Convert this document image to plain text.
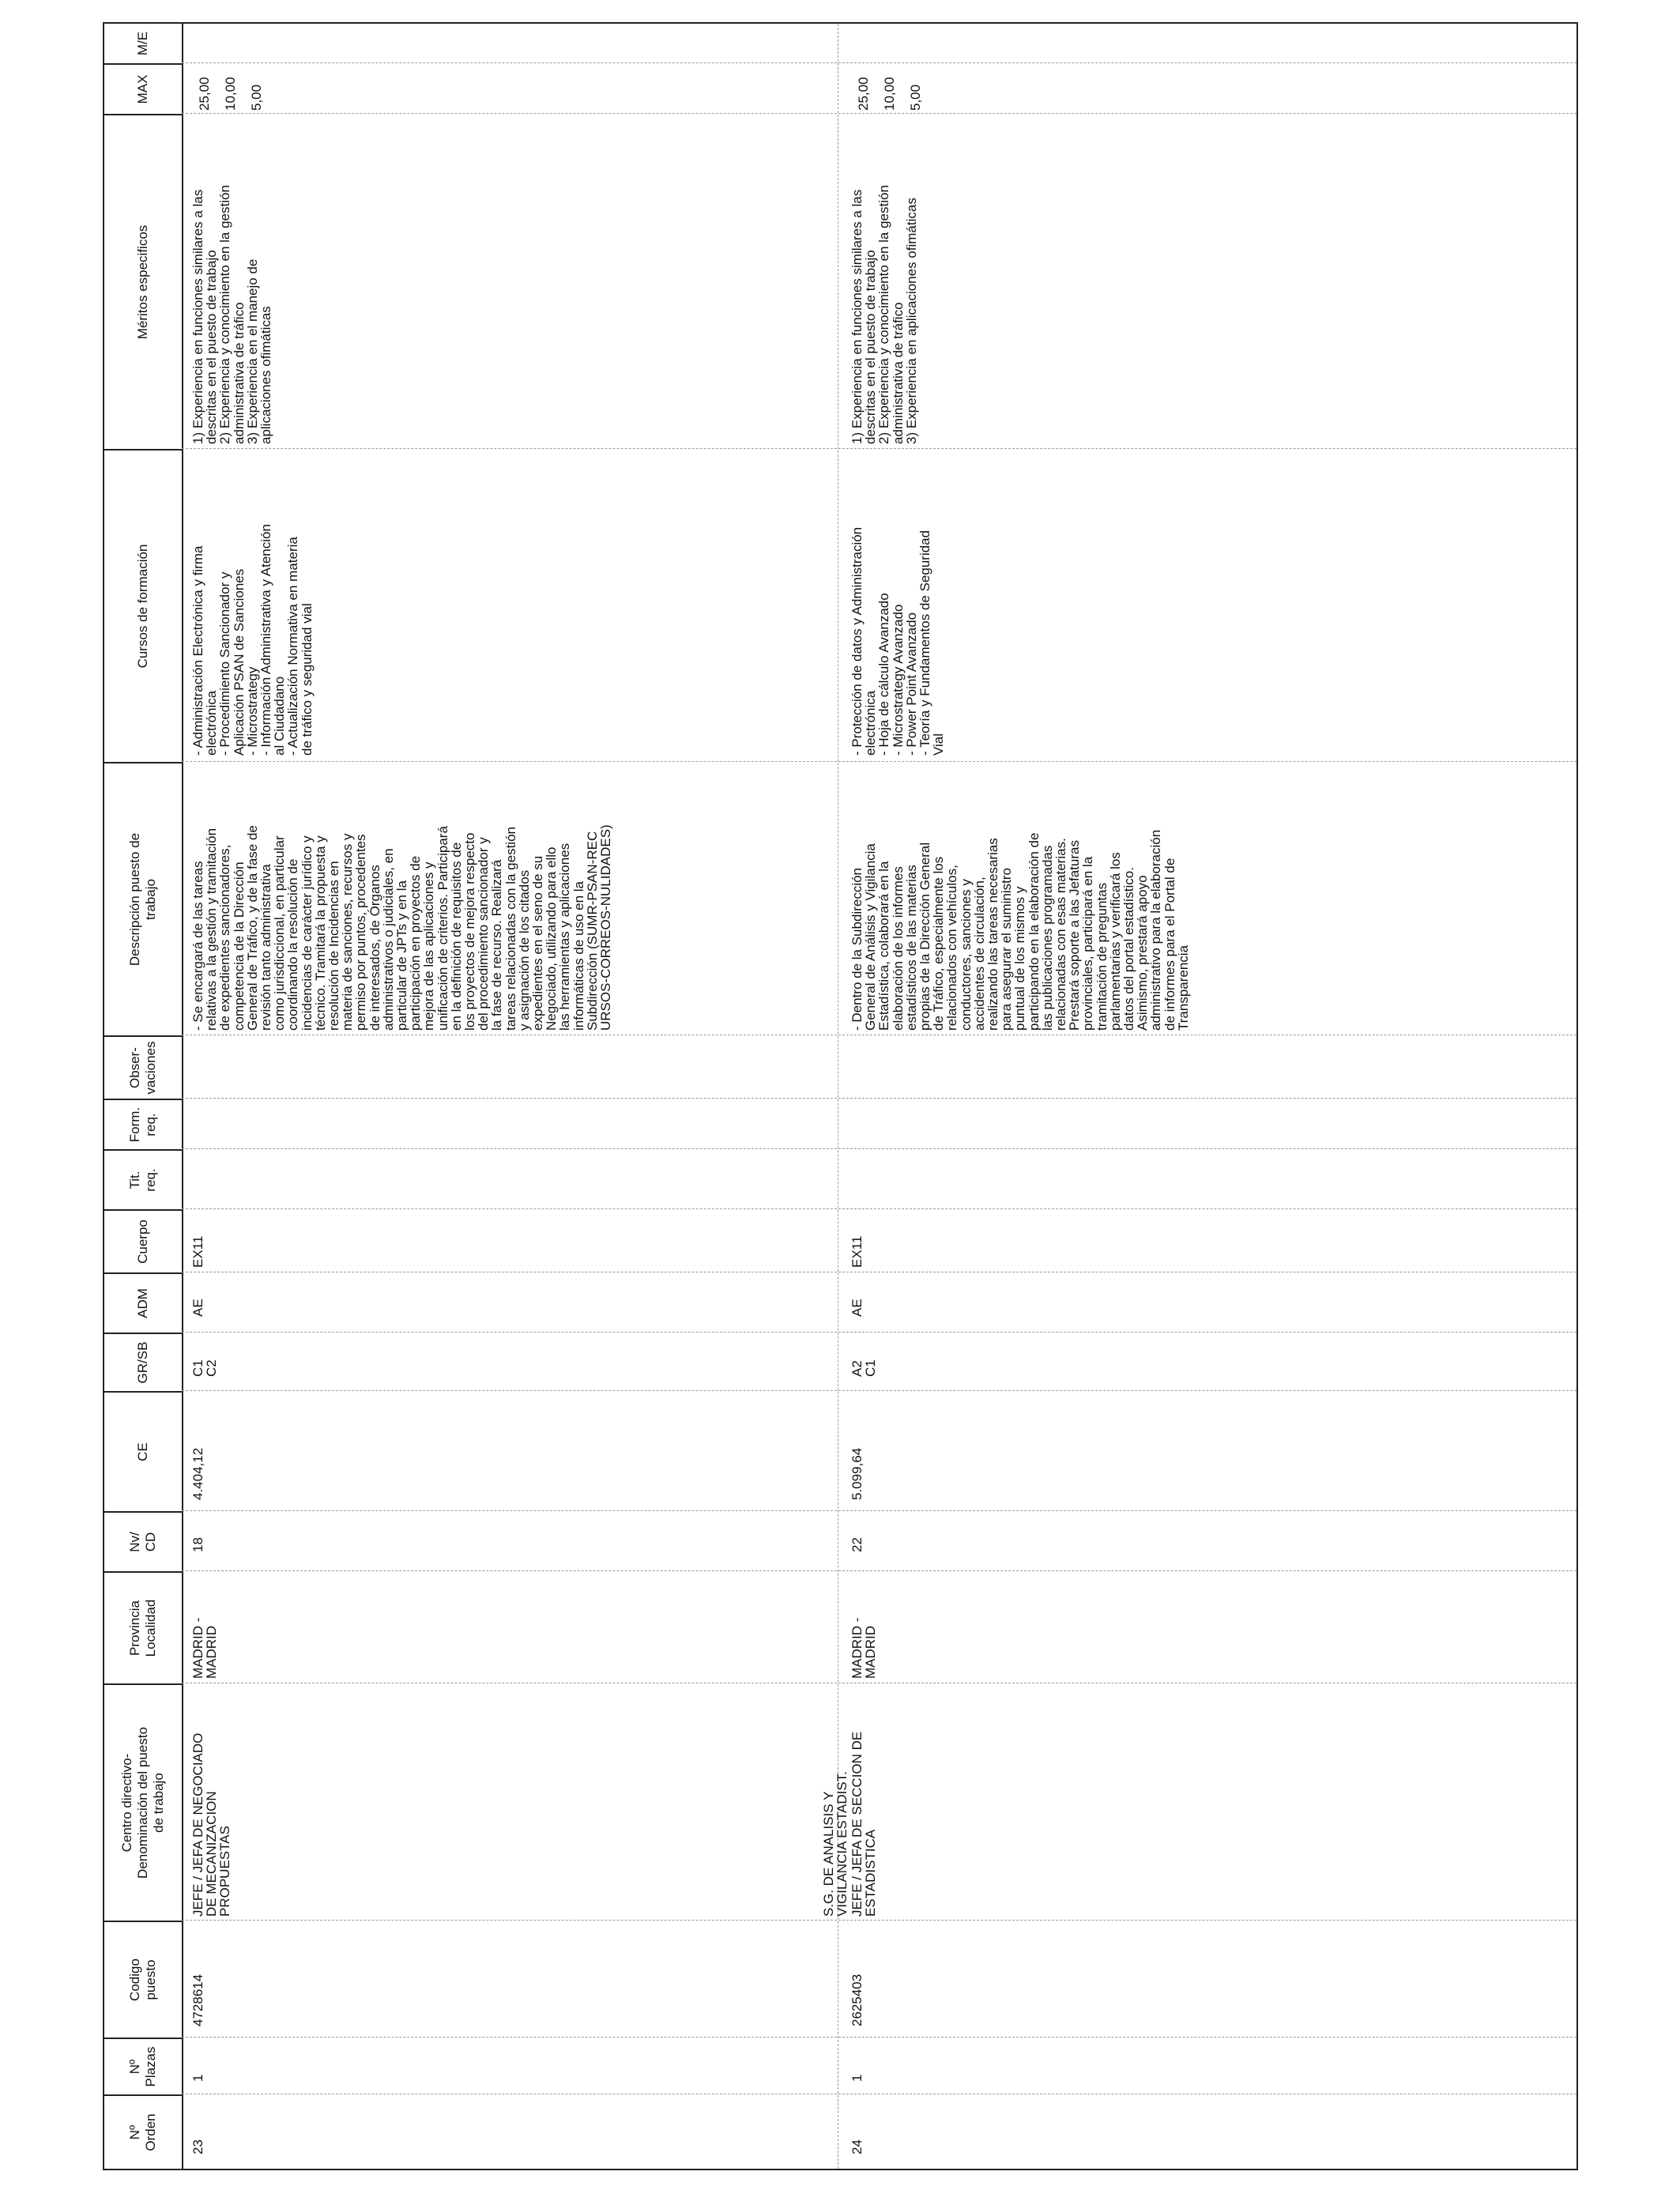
Nº
Orden
Nº
Plazas
Codigo
puesto
Centro directivo-
Denominación del puesto
de trabajo
Provincia
Localidad
Nv/
CD
CE
GR/SB
ADM
Cuerpo
Tit.
req.
Form.
req.
Obser-
vaciones
Descripción puesto de
trabajo
Cursos de formación
Méritos especificos
MAX
M/E
23
1
4728614
JEFE / JEFA DE NEGOCIADO
DE MECANIZACION
PROPUESTAS
MADRID -
MADRID
18
4.404,12
C1
C2
AE
EX11
- Se encargará de las tareas
relativas a la gestión y tramitación
de expedientes sancionadores,
competencia de la Dirección
General de Tráfico, y de la fase de
revisión tanto administrativa
como jurisdiccional, en particular
coordinando la resolución de
incidencias de carácter jurídico y
técnico. Tramitará la propuesta y
resolución de Incidencias en
materia de sanciones, recursos y
permiso por puntos, procedentes
de interesados, de Órganos
administrativos o judiciales, en
particular de JPTs y en la
participación en proyectos de
mejora de las aplicaciones y
unificación de criterios. Participará
en la definición de requisitos de
los proyectos de mejora respecto
del procedimiento sancionador y
la fase de recurso. Realizará
tareas relacionadas con la gestión
y asignación de los citados
expedientes en el seno de su
Negociado, utilizando para ello
las herramientas y aplicaciones
informáticas de uso en la
Subdirección (SUMR-PSAN-REC
URSOS-CORREOS-NULIDADES)
- Administración Electrónica y firma
electrónica
- Procedimiento Sancionador y
Aplicación PSAN de Sanciones
- Microstrategy
- Información Administrativa y Atención
al Ciudadano
- Actualización Normativa en materia
de tráfico y seguridad vial
1) Experiencia en funciones similares a las
descritas en el puesto de trabajo
2) Experiencia y conocimiento en la gestión
administrativa de tráfico
3) Experiencia en el manejo de
aplicaciones ofimáticas
25,00
10,00
5,00
24
1
2625403
S.G. DE ANALISIS Y
VIGILANCIA ESTADIST.
JEFE / JEFA DE SECCION DE
ESTADISTICA
MADRID -
MADRID
22
5.099,64
A2
C1
AE
EX11
- Dentro de la Subdirección
General de Análisis y Vigilancia
Estadística, colaborará en la
elaboración de los informes
estadísticos de las materias
propias de la Dirección General
de Tráfico, especialmente los
relacionados con vehículos,
conductores, sanciones y
accidentes de circulación,
realizando las tareas necesarias
para asegurar el suministro
puntual de los mismos y
participando en la elaboración de
las publicaciones programadas
relacionadas con esas materias.
Prestará soporte a las Jefaturas
provinciales, participará en la
tramitación de preguntas
parlamentarias y verificará los
datos del portal estadístico.
Asimismo, prestará apoyo
administrativo para la elaboración
de informes para el Portal de
Transparencia
- Protección de datos y Administración
electrónica
- Hoja de cálculo Avanzado
- Microstrategy Avanzado
- Power Point Avanzado
- Teoría y Fundamentos de Seguridad
Vial
1) Experiencia en funciones similares a las
descritas en el puesto de trabajo
2) Experiencia y conocimiento en la gestión
administrativa de tráfico
3) Experiencia en aplicaciones ofimáticas
25,00
10,00
5,00
